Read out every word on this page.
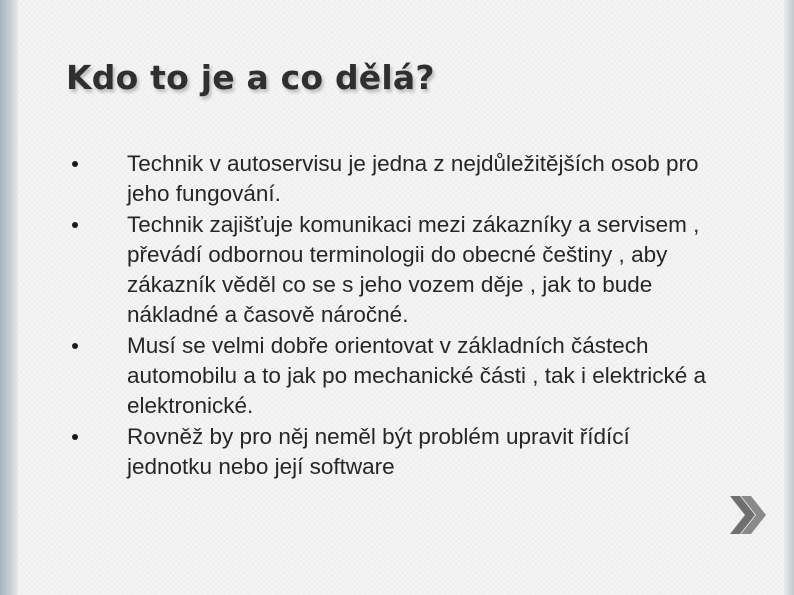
Kdo to je a co dělá?
Technik v autoservisu je jedna z nejdůležitějších osob pro jeho fungování.
Technik zajišťuje komunikaci mezi zákazníky a servisem , převádí odbornou terminologii do obecné češtiny , aby zákazník věděl co se s jeho vozem děje , jak to bude nákladné a časově náročné.
Musí se velmi dobře orientovat v základních částech automobilu a to jak po mechanické části , tak i elektrické a elektronické.
Rovněž by pro něj neměl být problém upravit řídící jednotku nebo její software
